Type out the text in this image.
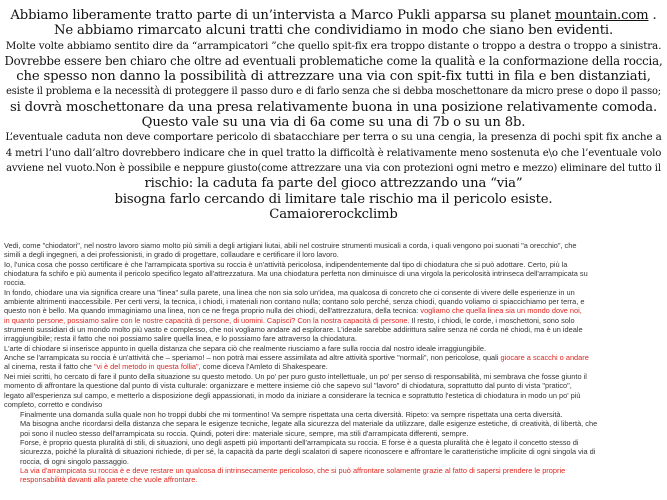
Abbiamo liberamente tratto parte di un’intervista a Marco Pukli apparsa su planet mountain.com .
Ne abbiamo rimarcato alcuni tratti che condividiamo in modo che siano ben evidenti.
Molte volte abbiamo sentito dire da “arrampicatori ”che quello spit-fix era troppo distante o troppo a destra o troppo a sinistra.
Dovrebbe essere ben chiaro che oltre ad eventuali problematiche come la qualità e la conformazione della roccia,
che spesso non danno la possibilità di attrezzare una via con spit-fix tutti in fila e ben distanziati,
esiste il problema e la necessità di proteggere il passo duro e di farlo senza che si debba moschettonare da micro prese o dopo il passo;
si dovrà moschettonare da una presa relativamente buona in una posizione relativamente comoda.
Questo vale su una via di 6a come su una di 7b o su un 8b.
L’eventuale caduta non deve comportare pericolo di sbatacchiare per terra o su una cengia, la presenza di pochi spit fix anche a
4 metri l’uno dall’altro dovrebbero indicare che in quel tratto la difficoltà è relativamente meno sostenuta e\o che l’eventuale volo
avviene nel vuoto.Non è possibile e neppure giusto(come attrezzare una via con protezioni ogni metro e mezzo) eliminare del tutto il
rischio: la caduta fa parte del gioco attrezzando una “via”
bisogna farlo cercando di limitare tale rischio ma il pericolo esiste.
Camaiorerockclimb
Vedi, come "chiodatori", nel nostro lavoro siamo molto più simili a degli artigiani liutai, abili nel costruire strumenti musicali a corda, i quali vengono poi suonati "a orecchio", che
simili a degli ingegneri, a dei professionisti, in grado di progettare, collaudare e certificare il loro lavoro.
Io, l'unica cosa che posso certificare è che l'arrampicata sportiva su roccia è un'attività pericolosa, indipendentemente dal tipo di chiodatura che si può adottare. Certo, più la
chiodatura fa schifo e più aumenta il pericolo specifico legato all'attrezzatura. Ma una chiodatura perfetta non diminuisce di una virgola la pericolosità intrinseca dell'arrampicata su
roccia.
In fondo, chiodare una via significa creare una "linea" sulla parete, una linea che non sia solo un'idea, ma qualcosa di concreto che ci consente di vivere delle esperienze in un
ambiente altrimenti inaccessibile. Per certi versi, la tecnica, i chiodi, i materiali non contano nulla; contano solo perché, senza chiodi, quando voliamo ci spiaccichiamo per terra, e
questo non è bello. Ma quando immaginiamo una linea, non ce ne frega proprio nulla dei chiodi, dell'attrezzatura, della tecnica: vogliamo che quella linea sia un mondo dove noi,
in quanto persone, possiamo salire con le nostre capacità di persone, di uomini. Capisci? Con la nostra capacità di persone. Il resto, i chiodi, le corde, i moschettoni, sono solo
strumenti sussidiari di un mondo molto più vasto e complesso, che noi vogliamo andare ad esplorare. L'ideale sarebbe addirittura salire senza né corda né chiodi, ma è un ideale
irraggiungibile; resta il fatto che noi possiamo salire quella linea, e lo possiamo fare attraverso la chiodatura.
L'arte di chiodare si inserisce appunto in quella distanza che separa ciò che realmente riusciamo a fare sulla roccia dal nostro ideale irraggiungibile.
Anche se l'arrampicata su roccia è un'attività che – speriamo! – non potrà mai essere assimilata ad altre attività sportive "normali", non pericolose, quali giocare a scacchi o andare
al cinema, resta il fatto che "vi è del metodo in questa follia", come diceva l'Amleto di Shakespeare.
Nei miei scritti, ho cercato di fare il punto della situazione su questo metodo. Un po' per puro gusto intellettuale, un po' per senso di responsabilità, mi sembrava che fosse giunto il
momento di affrontare la questione dal punto di vista culturale: organizzare e mettere insieme ciò che sapevo sul "lavoro" di chiodatura, soprattutto dal punto di vista "pratico",
legato all'esperienza sul campo, e metterlo a disposizione degli appassionati, in modo da iniziare a considerare la tecnica e soprattutto l'estetica di chiodatura in modo un po' più
completo, corretto e condiviso
Finalmente una domanda sulla quale non ho troppi dubbi che mi tormentino! Va sempre rispettata una certa diversità. Ripeto: va sempre rispettata una certa diversità.
Ma bisogna anche ricordarsi della distanza che separa le esigenze tecniche, legate alla sicurezza del materiale da utilizzare, dalle esigenze estetiche, di creatività, di libertà, che
poi sono il nucleo stesso dell'arrampicata su roccia. Quindi, poteri dire: materiale sicure, sempre, ma stili d'arrampicata differenti, sempre.
Forse, è proprio questa pluralità di stili, di situazioni, uno degli aspetti più importanti dell'arrampicata su roccia. E forse è a questa pluralità che è legato il concetto stesso di
sicurezza, poiché la pluralità di situazioni richiede, di per sé, la capacità da parte degli scalatori di sapere riconoscere e affrontare le caratteristiche implicite di ogni singola via di
roccia, di ogni singolo passaggio.
La via d'arrampicata su roccia è e deve restare un qualcosa di intrinsecamente pericoloso, che si può affrontare solamente grazie al fatto di sapersi prendere le proprie
responsabilità davanti alla parete che vuole affrontare.
